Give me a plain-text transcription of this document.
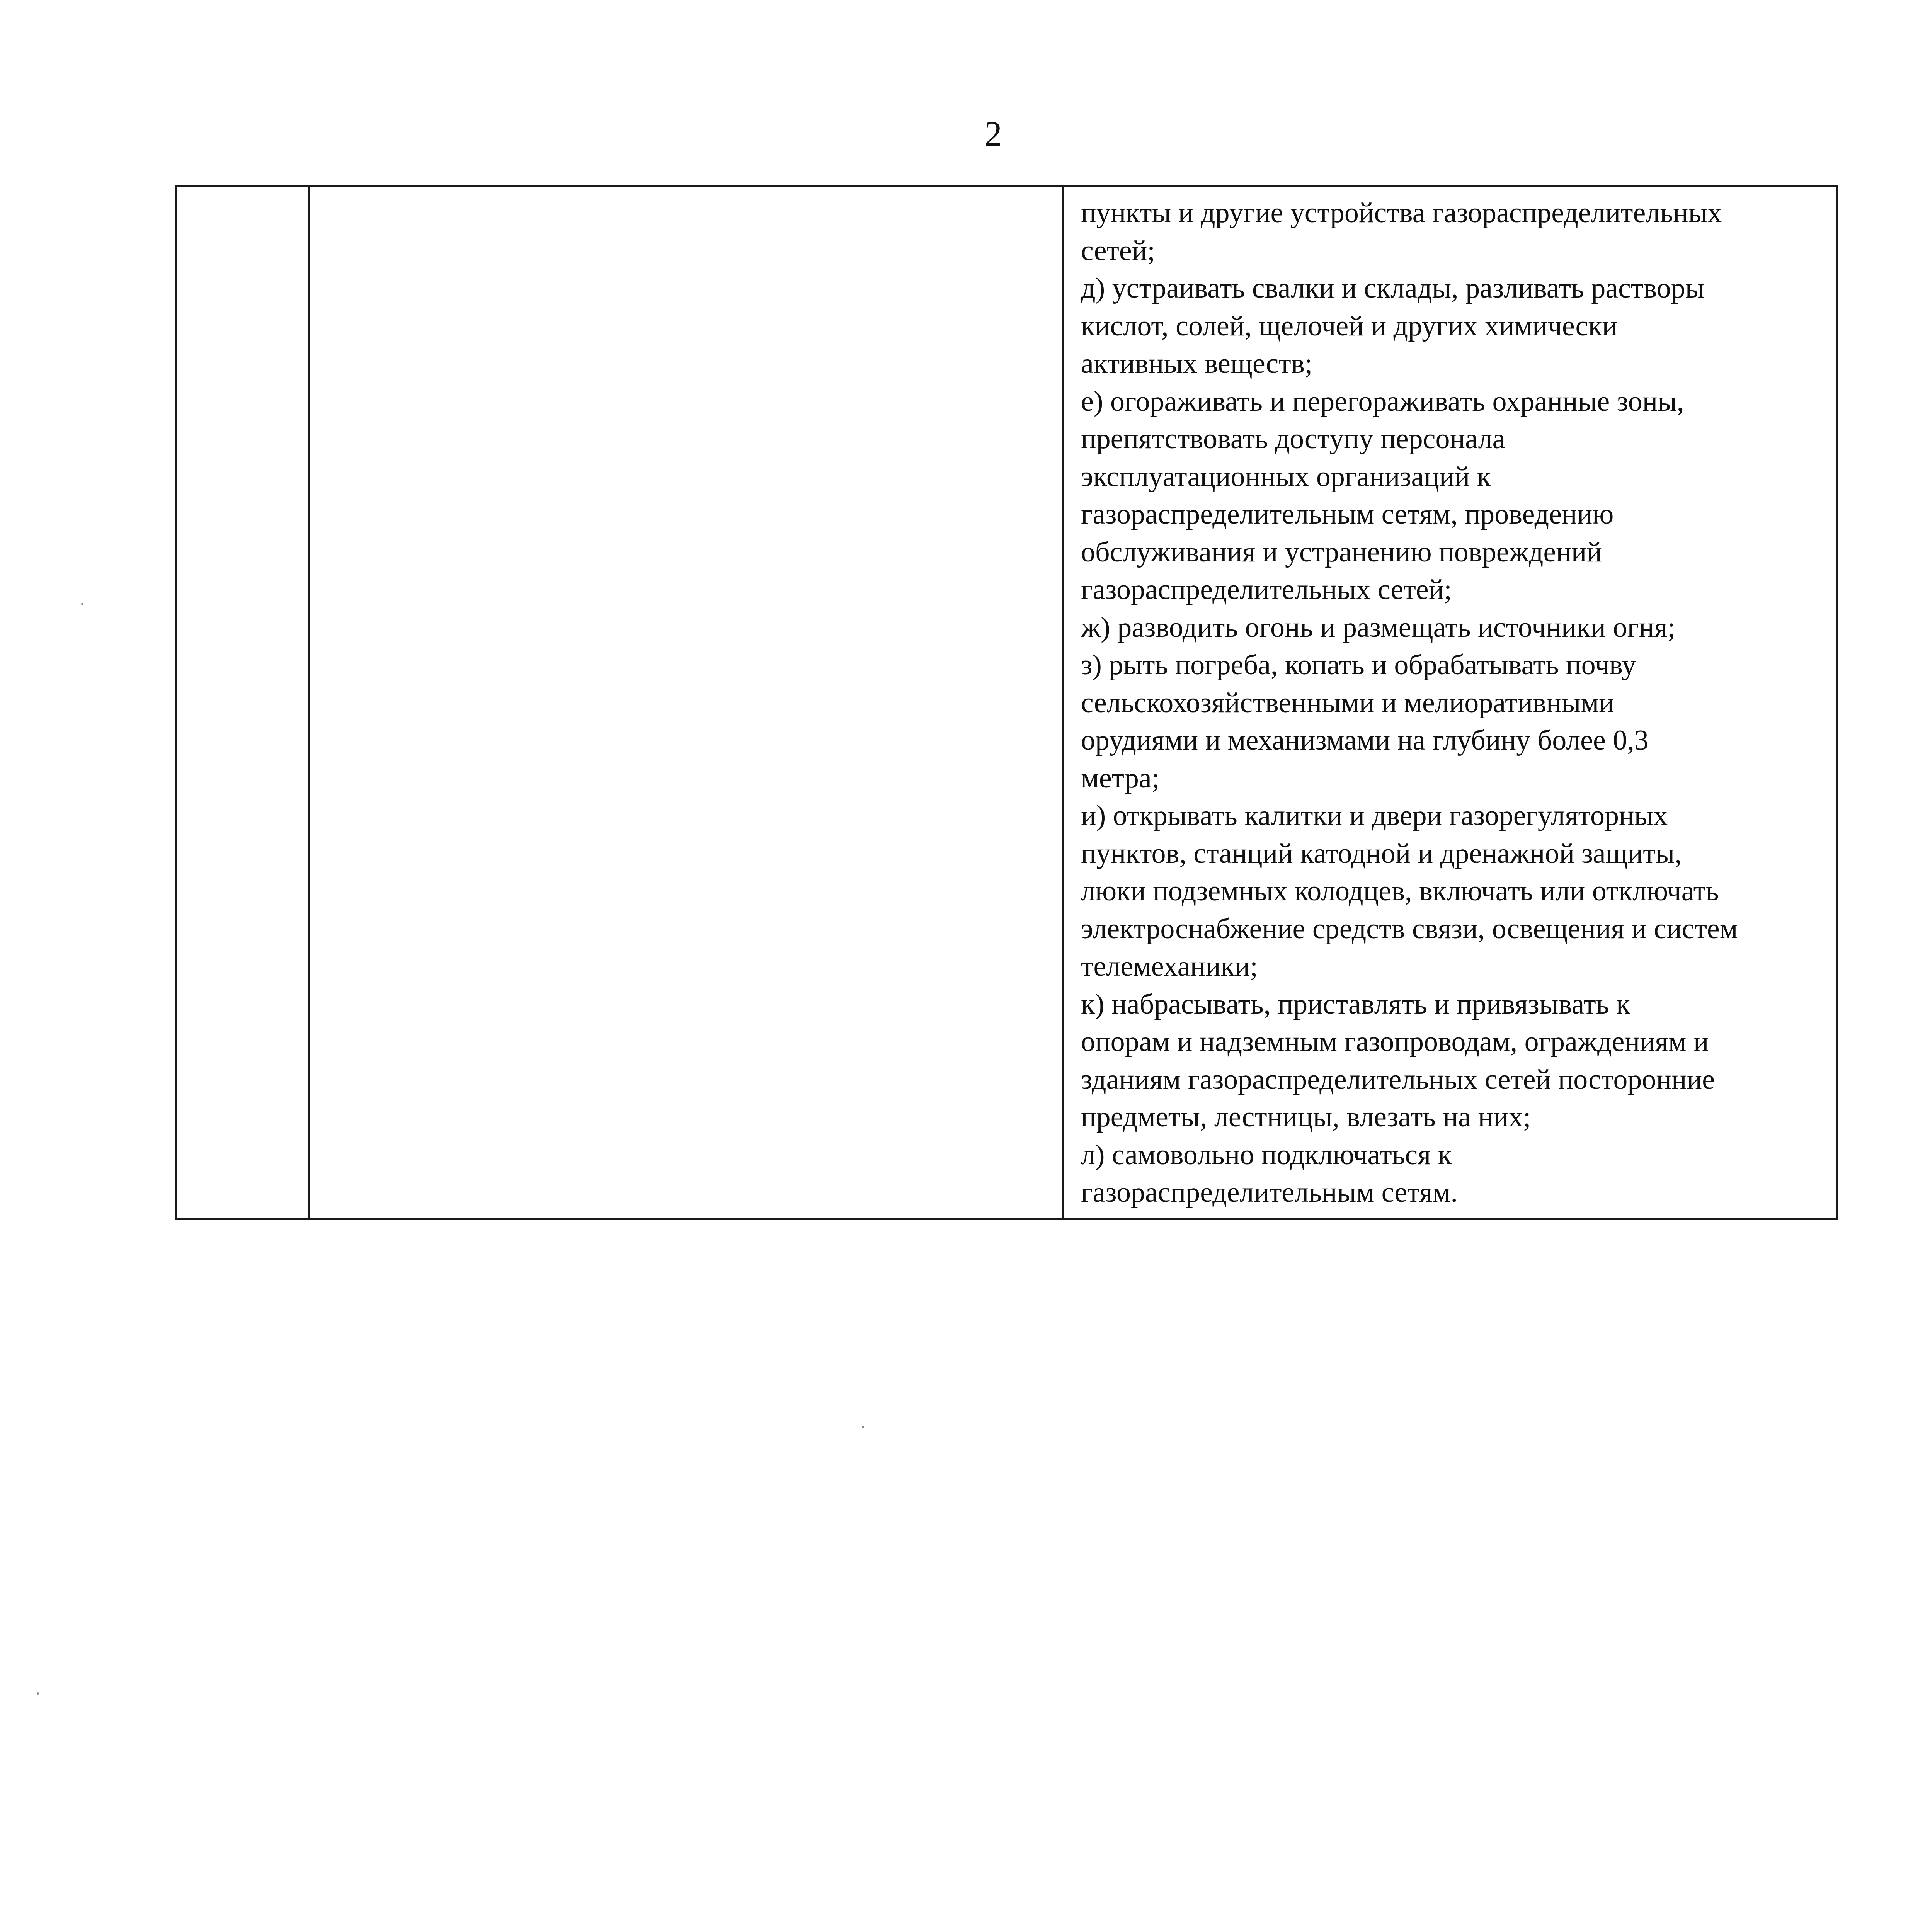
2

пункты и другие устройства газораспределительных

сетей;

д) устраивать свалки и склады, разливать растворы

кислот, солей, щелочей и других химически

активных веществ;

е) огораживать и перегораживать охранные зоны,

препятствовать доступу персонала

эксплуатационных организаций к

газораспределительным сетям, проведению

обслуживания и устранению повреждений

газораспределительных сетей;

ж) разводить огонь и размещать источники огня;

з) рыть погреба, копать и обрабатывать почву

сельскохозяйственными и мелиоративными

орудиями и механизмами на глубину более 0,3

метра;

и) открывать калитки и двери газорегуляторных

пунктов, станций катодной и дренажной защиты,

люки подземных колодцев, включать или отключать

электроснабжение средств связи, освещения и систем

телемеханики;

к) набрасывать, приставлять и привязывать к

опорам и надземным газопроводам, ограждениям и

зданиям газораспределительных сетей посторонние

предметы, лестницы, влезать на них;

л) самовольно подключаться к

газораспределительным сетям.
